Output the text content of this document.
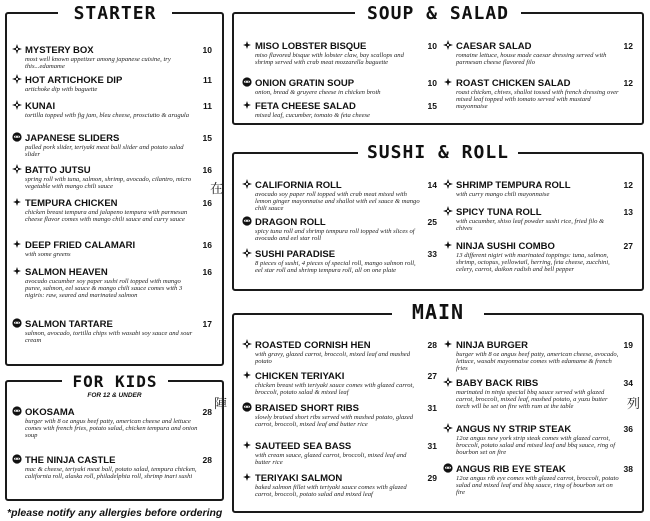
STARTER
MYSTERY BOX	10
most well known appetizer among japanese cuisine, try this...edamame
HOT ARTICHOKE DIP	11
artichoke dip with baguette
KUNAI	11
tortilla topped with fig jam, bleu cheese, prosciutto & arugula
JAPANESE SLIDERS	15
pulled pork slider, teriyaki meat ball slider and potato salad slider
BATTO JUTSU	16
spring roll with tuna, salmon, shrimp, avocado, cilantro, micro vegetable with mango chili sauce
TEMPURA CHICKEN	16
chicken breast tempura and jalapeno tempura with parmesan cheese flavor comes with mango chili sauce and curry sauce
DEEP FRIED CALAMARI	16
with some greens
SALMON HEAVEN	16
avocado cucumber soy paper sushi roll topped with mango puree, salmon, eel sauce & mango chili sauce comes with 3 nigiris: raw, seared and marinated salmon
SALMON TARTARE	17
salmon, avocado, tortilla chips with wasabi soy sauce and sour cream
FOR KIDS
FOR 12 & UNDER
OKOSAMA	28
burger with 8 oz angus beef patty, american cheese and lettuce comes with french fries, potato salad, chicken tempura and onion soup
THE NINJA CASTLE	28
mac & cheese, teriyaki meat ball, potato salad, tempura chicken, california roll, alaska roll, philadelphia roll, shrimp inari sushi
*please notify any allergies before ordering
SOUP & SALAD
MISO LOBSTER BISQUE	10
miso flavored bisque with lobster claw, bay scallops and shrimp served with crab meat mozzarella baguette
ONION GRATIN SOUP	10
onion, bread & gruyere cheese in chicken broth
FETA CHEESE SALAD	15
mixed leaf, cucumber, tomato & feta cheese
CAESAR SALAD	12
romaine lettuce, house made caesar dressing served with parmesan cheese flavored filo
ROAST CHICKEN SALAD	12
roast chicken, chives, shallot tossed with french dressing over mixed leaf topped with tomato served with mustard mayonnaise
SUSHI & ROLL
CALIFORNIA ROLL	14
avocado soy paper roll topped with crab meat mixed with lemon ginger mayonnaise and shallot with eel sauce & mango chili sauce
DRAGON ROLL	25
spicy tuna roll and shrimp tempura roll topped with slices of avocado and eel star roll
SUSHI PARADISE	33
8 pieces of sushi, 4 pieces of special roll, mango salmon roll, eel star roll and shrimp tempura roll, all on one plate
SHRIMP TEMPURA ROLL	12
with curry mango chili mayonnaise
SPICY TUNA ROLL	13
with cucumber, shiso leaf powder sushi rice, fried filo & chives
NINJA SUSHI COMBO	27
13 different nigiri with marinated toppings: tuna, salmon, shrimp, octopus, yellowtail, herring, feta cheese, zucchini, celery, carrot, daikon radish and bell pepper
MAIN
ROASTED CORNISH HEN	28
with gravy, glazed carrot, broccoli, mixed leaf and mashed potato
CHICKEN TERIYAKI	27
chicken breast with teriyaki sauce comes with glazed carrot, broccoli, potato salad & mixed leaf
BRAISED SHORT RIBS	31
slowly braised short ribs served with mashed potato, glazed carrot, broccoli, mixed leaf and butter rice
SAUTEED SEA BASS	31
with cream sauce, glazed carrot, broccoli, mixed leaf and butter rice
TERIYAKI SALMON	29
baked salmon fillet with teriyaki sauce comes with glazed carrot, broccoli, potato salad and mixed leaf
NINJA BURGER	19
burger with 8 oz angus beef patty, american cheese, avocado, lettuce, wasabi mayonnaise comes with edamame & french fries
BABY BACK RIBS	34
marinated in ninja special bbq sauce served with glazed carrot, broccoli, mixed leaf, mashed potato, a yuzu butter torch will be set on fire with rum at the table
ANGUS NY STRIP STEAK	36
12oz angus new york strip steak comes with glazed carrot, broccoli, potato salad and mixed leaf and bbq sauce, ring of bourbon set on fire
ANGUS RIB EYE STEAK	38
12oz angus rib eye comes with glazed carrot, broccoli, potato salad and mixed leaf and bbq sauce, ring of bourbon set on fire
在
陣	列
